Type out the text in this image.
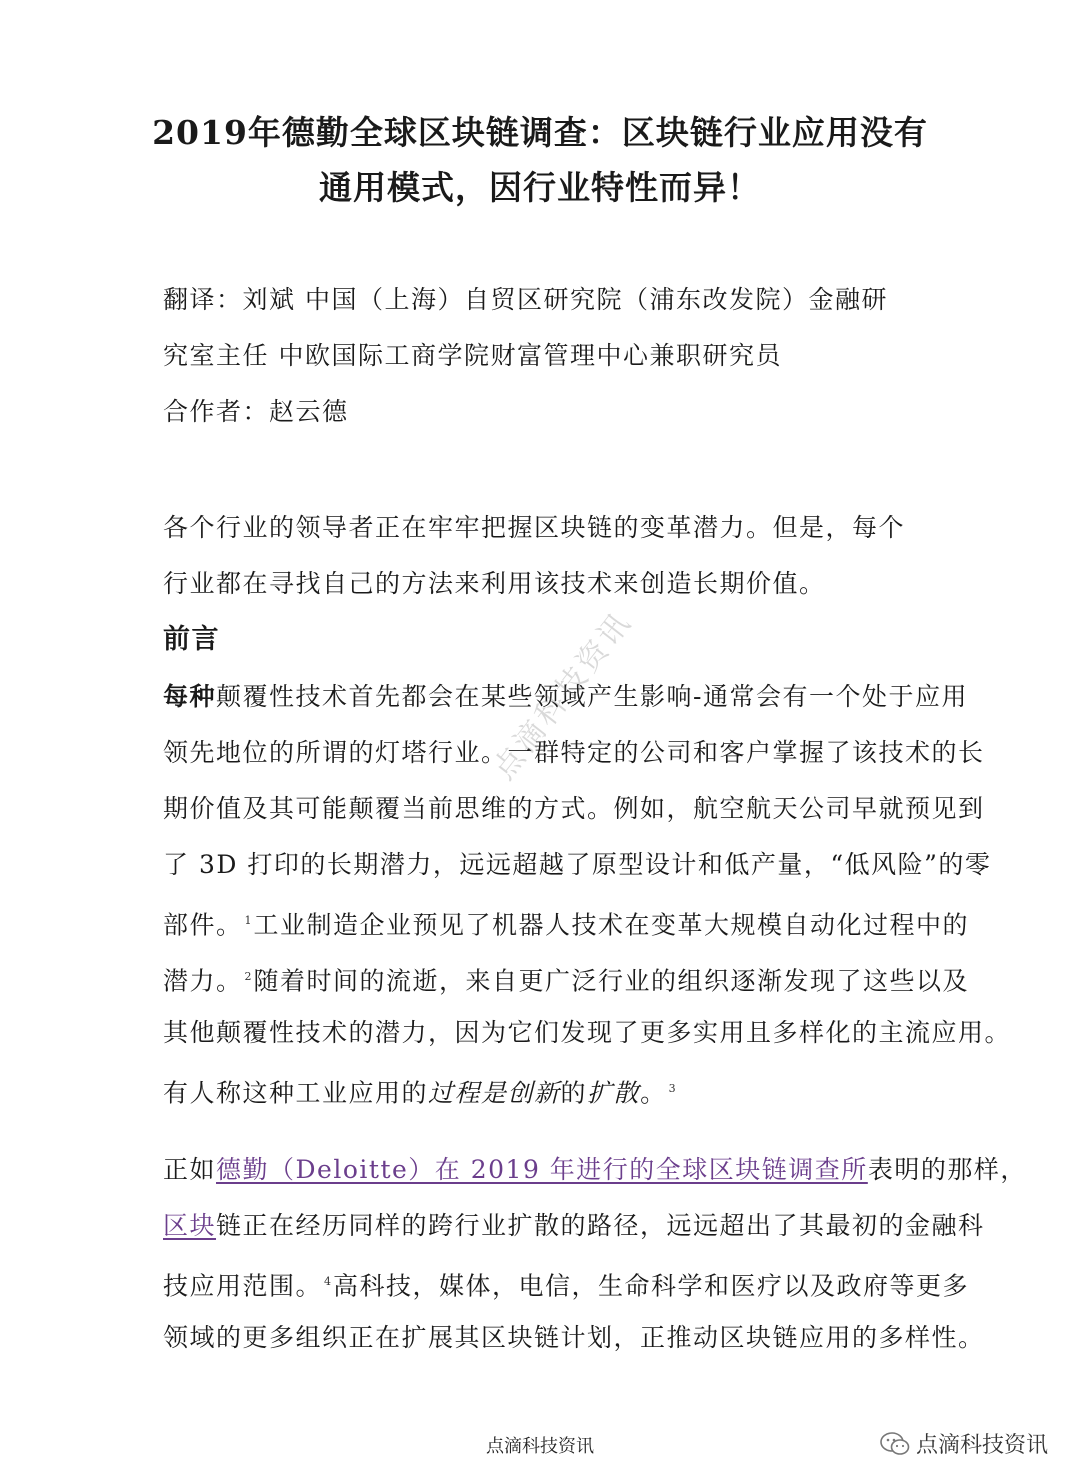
2019年德勤全球区块链调查：区块链行业应用没有
通用模式，因行业特性而异！
翻译：刘斌 中国（上海）自贸区研究院（浦东改发院）金融研
究室主任 中欧国际工商学院财富管理中心兼职研究员
合作者：赵云德
各个行业的领导者正在牢牢把握区块链的变革潜力。但是，每个
行业都在寻找自己的方法来利用该技术来创造长期价值。
前言
每种颠覆性技术首先都会在某些领域产生影响-通常会有一个处于应用
领先地位的所谓的灯塔行业。一群特定的公司和客户掌握了该技术的长
期价值及其可能颠覆当前思维的方式。例如，航空航天公司早就预见到
了 3D 打印的长期潜力，远远超越了原型设计和低产量，“低风险”的零
部件。 $^1$工业制造企业预见了机器人技术在变革大规模自动化过程中的
潜力。 $^2$随着时间的流逝，来自更广泛行业的组织逐渐发现了这些以及
其他颠覆性技术的潜力，因为它们发现了更多实用且多样化的主流应用。
有人称这种工业应用的过程是创新的扩散。 $^3$
正如德勤（Deloitte）在 2019 年进行的全球区块链调查所表明的那样，
区块链正在经历同样的跨行业扩散的路径，远远超出了其最初的金融科
技应用范围。 $^4$高科技，媒体，电信，生命科学和医疗以及政府等更多
领域的更多组织正在扩展其区块链计划，正推动区块链应用的多样性。
点滴科技资讯
点滴科技资讯	点滴科技资讯
